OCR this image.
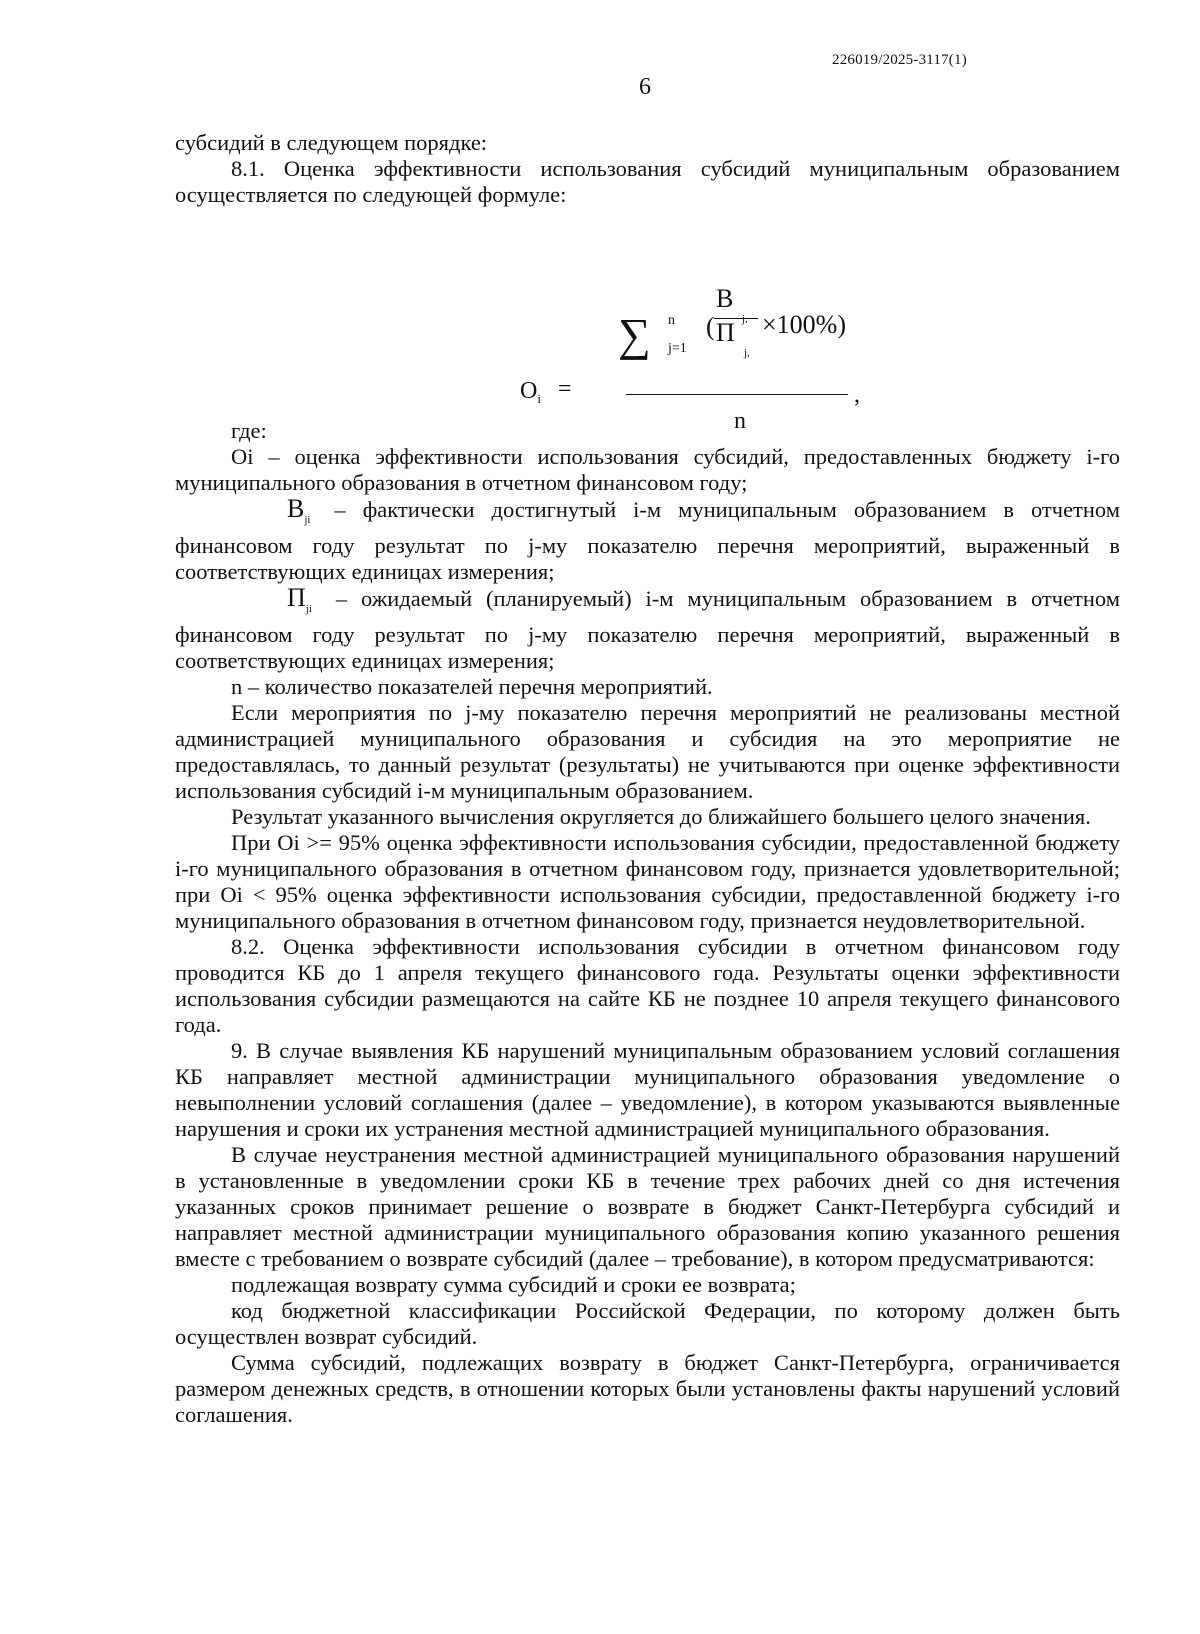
226019/2025-3117(1)
6

субсидий в следующем порядке:

8.1. Оценка эффективности использования субсидий муниципальным образованием осуществляется по следующей формуле:

$O_i$ =
∑ n
j=1
(
В
j,
П
j,
×100%)
,
n

где:

Оi – оценка эффективности использования субсидий, предоставленных бюджету i-го муниципального образования в отчетном финансовом году;

$В_{ji}$ – фактически достигнутый i-м муниципальным образованием в отчетном финансовом году результат по j-му показателю перечня мероприятий, выраженный в соответствующих единицах измерения;

$П_{ji}$ – ожидаемый (планируемый) i-м муниципальным образованием в отчетном финансовом году результат по j-му показателю перечня мероприятий, выраженный в соответствующих единицах измерения;

n – количество показателей перечня мероприятий.

Если мероприятия по j-му показателю перечня мероприятий не реализованы местной администрацией муниципального образования и субсидия на это мероприятие не предоставлялась, то данный результат (результаты) не учитываются при оценке эффективности использования субсидий i-м муниципальным образованием.

Результат указанного вычисления округляется до ближайшего большего целого значения.

При Оi >= 95% оценка эффективности использования субсидии, предоставленной бюджету i-го муниципального образования в отчетном финансовом году, признается удовлетворительной; при Оi < 95% оценка эффективности использования субсидии, предоставленной бюджету i-го муниципального образования в отчетном финансовом году, признается неудовлетворительной.

8.2. Оценка эффективности использования субсидии в отчетном финансовом году проводится КБ до 1 апреля текущего финансового года. Результаты оценки эффективности использования субсидии размещаются на сайте КБ не позднее 10 апреля текущего финансового года.

9. В случае выявления КБ нарушений муниципальным образованием условий соглашения КБ направляет местной администрации муниципального образования уведомление о невыполнении условий соглашения (далее – уведомление), в котором указываются выявленные нарушения и сроки их устранения местной администрацией муниципального образования.

В случае неустранения местной администрацией муниципального образования нарушений в установленные в уведомлении сроки КБ в течение трех рабочих дней со дня истечения указанных сроков принимает решение о возврате в бюджет Санкт-Петербурга субсидий и направляет местной администрации муниципального образования копию указанного решения вместе с требованием о возврате субсидий (далее – требование), в котором предусматриваются:

подлежащая возврату сумма субсидий и сроки ее возврата;

код бюджетной классификации Российской Федерации, по которому должен быть осуществлен возврат субсидий.

Сумма субсидий, подлежащих возврату в бюджет Санкт-Петербурга, ограничивается размером денежных средств, в отношении которых были установлены факты нарушений условий соглашения.
